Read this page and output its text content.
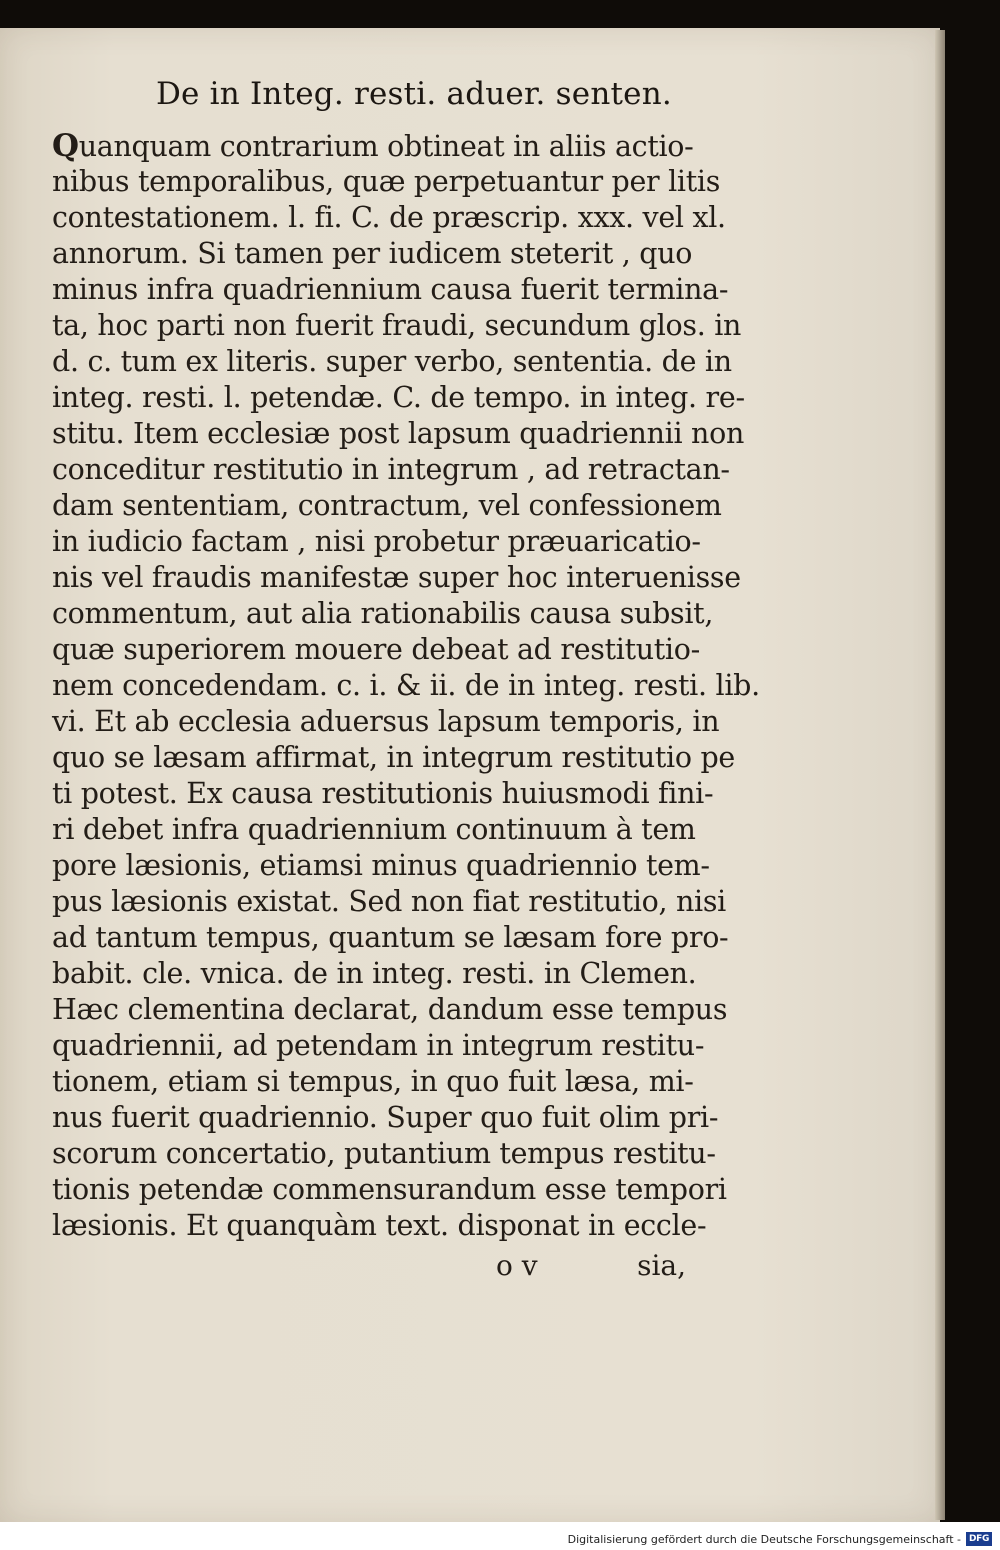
De in Integ. resti. aduer. senten.
Quanquam contrarium obtineat in aliis actio-
nibus temporalibus, quæ perpetuantur per litis
contestationem. l. fi. C. de præscrip. xxx. vel xl.
annorum. Si tamen per iudicem steterit , quo
minus infra quadriennium causa fuerit termina-
ta, hoc parti non fuerit fraudi, secundum glos. in
d. c. tum ex literis. super verbo, sententia. de in
integ. resti. l. petendæ. C. de tempo. in integ. re-
stitu. Item ecclesiæ post lapsum quadriennii non
conceditur restitutio in integrum , ad retractan-
dam sententiam, contractum, vel confessionem
in iudicio factam , nisi probetur præuaricatio-
nis vel fraudis manifestæ super hoc interuenisse
commentum, aut alia rationabilis causa subsit,
quæ superiorem mouere debeat ad restitutio-
nem concedendam. c. i. & ii. de in integ. resti. lib.
vi. Et ab ecclesia aduersus lapsum temporis, in
quo se læsam affirmat, in integrum restitutio pe
ti potest. Ex causa restitutionis huiusmodi fini-
ri debet infra quadriennium continuum à tem
pore læsionis, etiamsi minus quadriennio tem-
pus læsionis existat. Sed non fiat restitutio, nisi
ad tantum tempus, quantum se læsam fore pro-
babit. cle. vnica. de in integ. resti. in Clemen.
Hæc clementina declarat, dandum esse tempus
quadriennii, ad petendam in integrum restitu-
tionem, etiam si tempus, in quo fuit læsa, mi-
nus fuerit quadriennio. Super quo fuit olim pri-
scorum concertatio, putantium tempus restitu-
tionis petendæ commensurandum esse tempori
læsionis. Et quanquàm text. disponat in eccle-
o v	sia,
Digitalisierung gefördert durch die Deutsche Forschungsgemeinschaft - DFG
